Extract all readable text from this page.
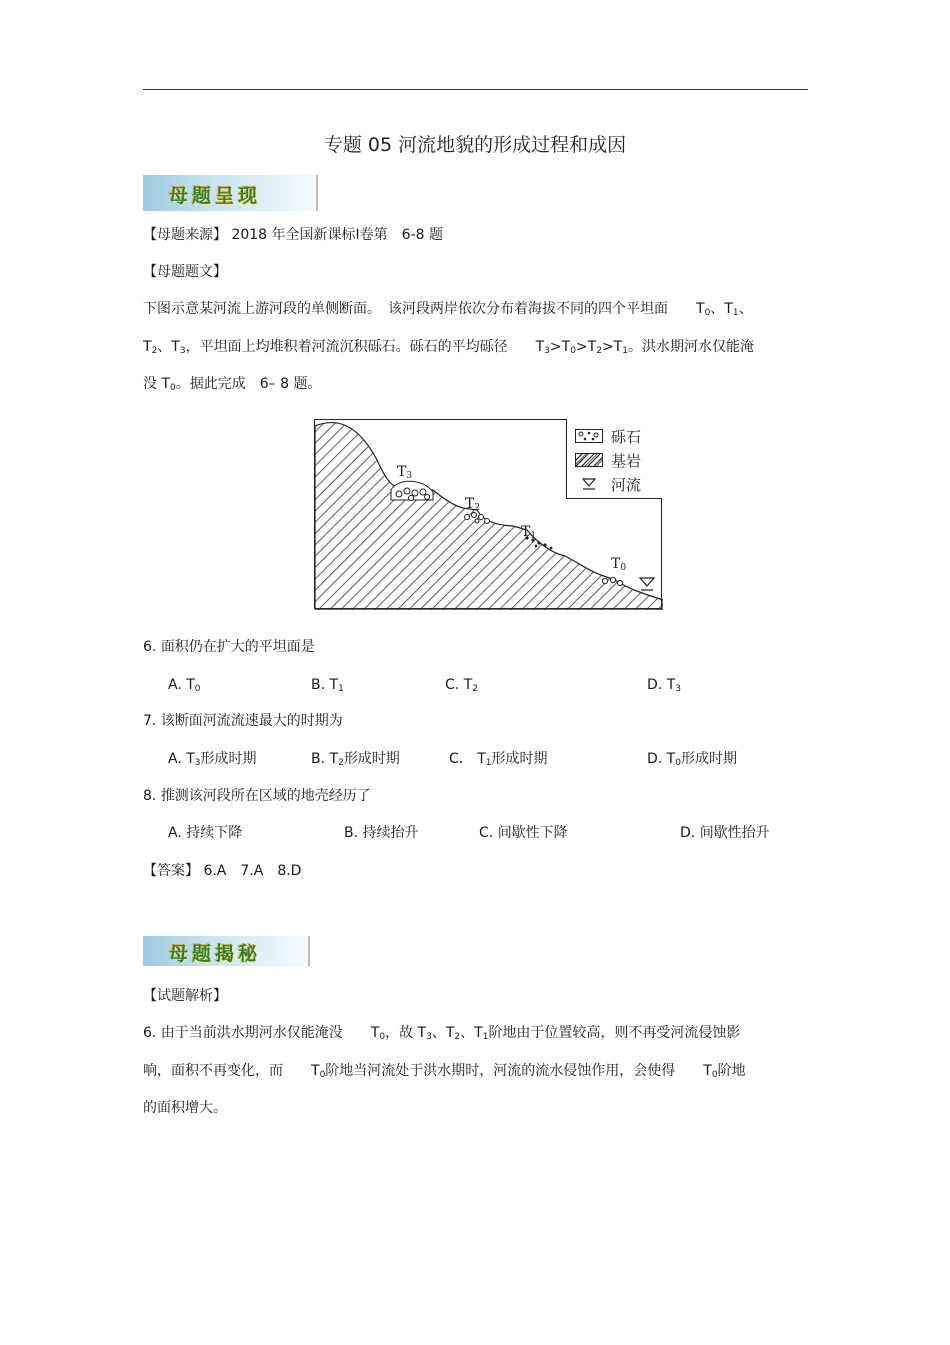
专题 05 河流地貌的形成过程和成因
母题呈现
【母题来源】 2018 年全国新课标Ⅰ卷第　6-8 题
【母题题文】
下图示意某河流上游河段的单侧断面。　该河段两岸依次分布着海拔不同的四个平坦面　　$T_0$、$T_1$、
$T_2$、$T_3$，平坦面上均堆积着河流沉积砾石。砾石的平均砾径　　$T_3>T_0>T_2>T_1$。洪水期河水仅能淹
没 $T_0$。据此完成　6– 8 题。
$T_3$
$T_2$
$T_1$
$T_0$
砾石
基岩
河流
6. 面积仍在扩大的平坦面是
A. $T_0$	B. $T_1$	C. $T_2$	D. $T_3$
7. 该断面河流流速最大的时期为
A. $T_3$形成时期	B. $T_2$形成时期	C． $T_1$形成时期	D. $T_0$形成时期
8. 推测该河段所在区域的地壳经历了
A. 持续下降	B. 持续抬升	C. 间歇性下降	D. 间歇性抬升
【答案】 6.A　7.A　8.D
母题揭秘
【试题解析】
6. 由于当前洪水期河水仅能淹没　　$T_0$，故 $T_3$、$T_2$、$T_1$阶地由于位置较高，则不再受河流侵蚀影
响，面积不再变化，而　　$T_0$阶地当河流处于洪水期时，河流的流水侵蚀作用，会使得　　$T_0$阶地
的面积增大。
